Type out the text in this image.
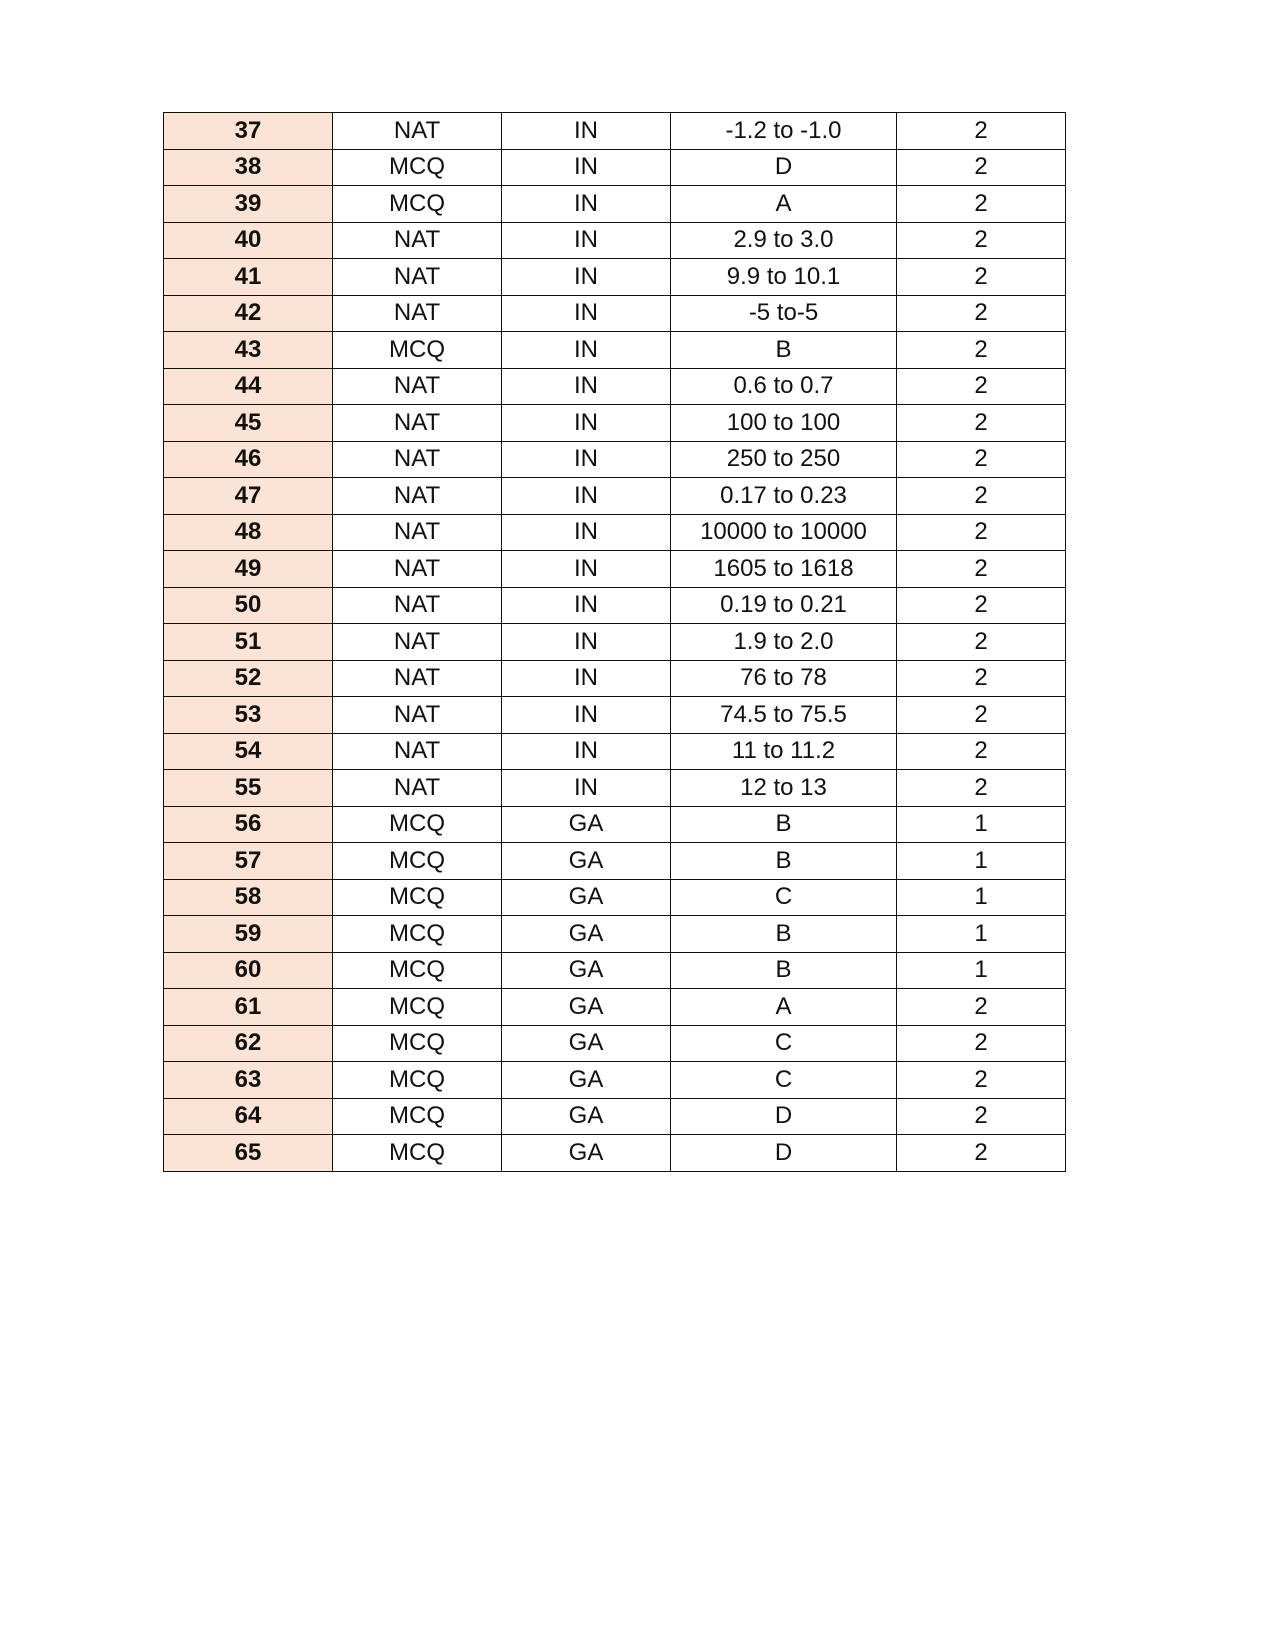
37	NAT	IN	-1.2 to -1.0	2
38	MCQ	IN	D	2
39	MCQ	IN	A	2
40	NAT	IN	2.9 to 3.0	2
41	NAT	IN	9.9 to 10.1	2
42	NAT	IN	-5 to-5	2
43	MCQ	IN	B	2
44	NAT	IN	0.6 to 0.7	2
45	NAT	IN	100 to 100	2
46	NAT	IN	250 to 250	2
47	NAT	IN	0.17 to 0.23	2
48	NAT	IN	10000 to 10000	2
49	NAT	IN	1605 to 1618	2
50	NAT	IN	0.19 to 0.21	2
51	NAT	IN	1.9 to 2.0	2
52	NAT	IN	76 to 78	2
53	NAT	IN	74.5 to 75.5	2
54	NAT	IN	11 to 11.2	2
55	NAT	IN	12 to 13	2
56	MCQ	GA	B	1
57	MCQ	GA	B	1
58	MCQ	GA	C	1
59	MCQ	GA	B	1
60	MCQ	GA	B	1
61	MCQ	GA	A	2
62	MCQ	GA	C	2
63	MCQ	GA	C	2
64	MCQ	GA	D	2
65	MCQ	GA	D	2
